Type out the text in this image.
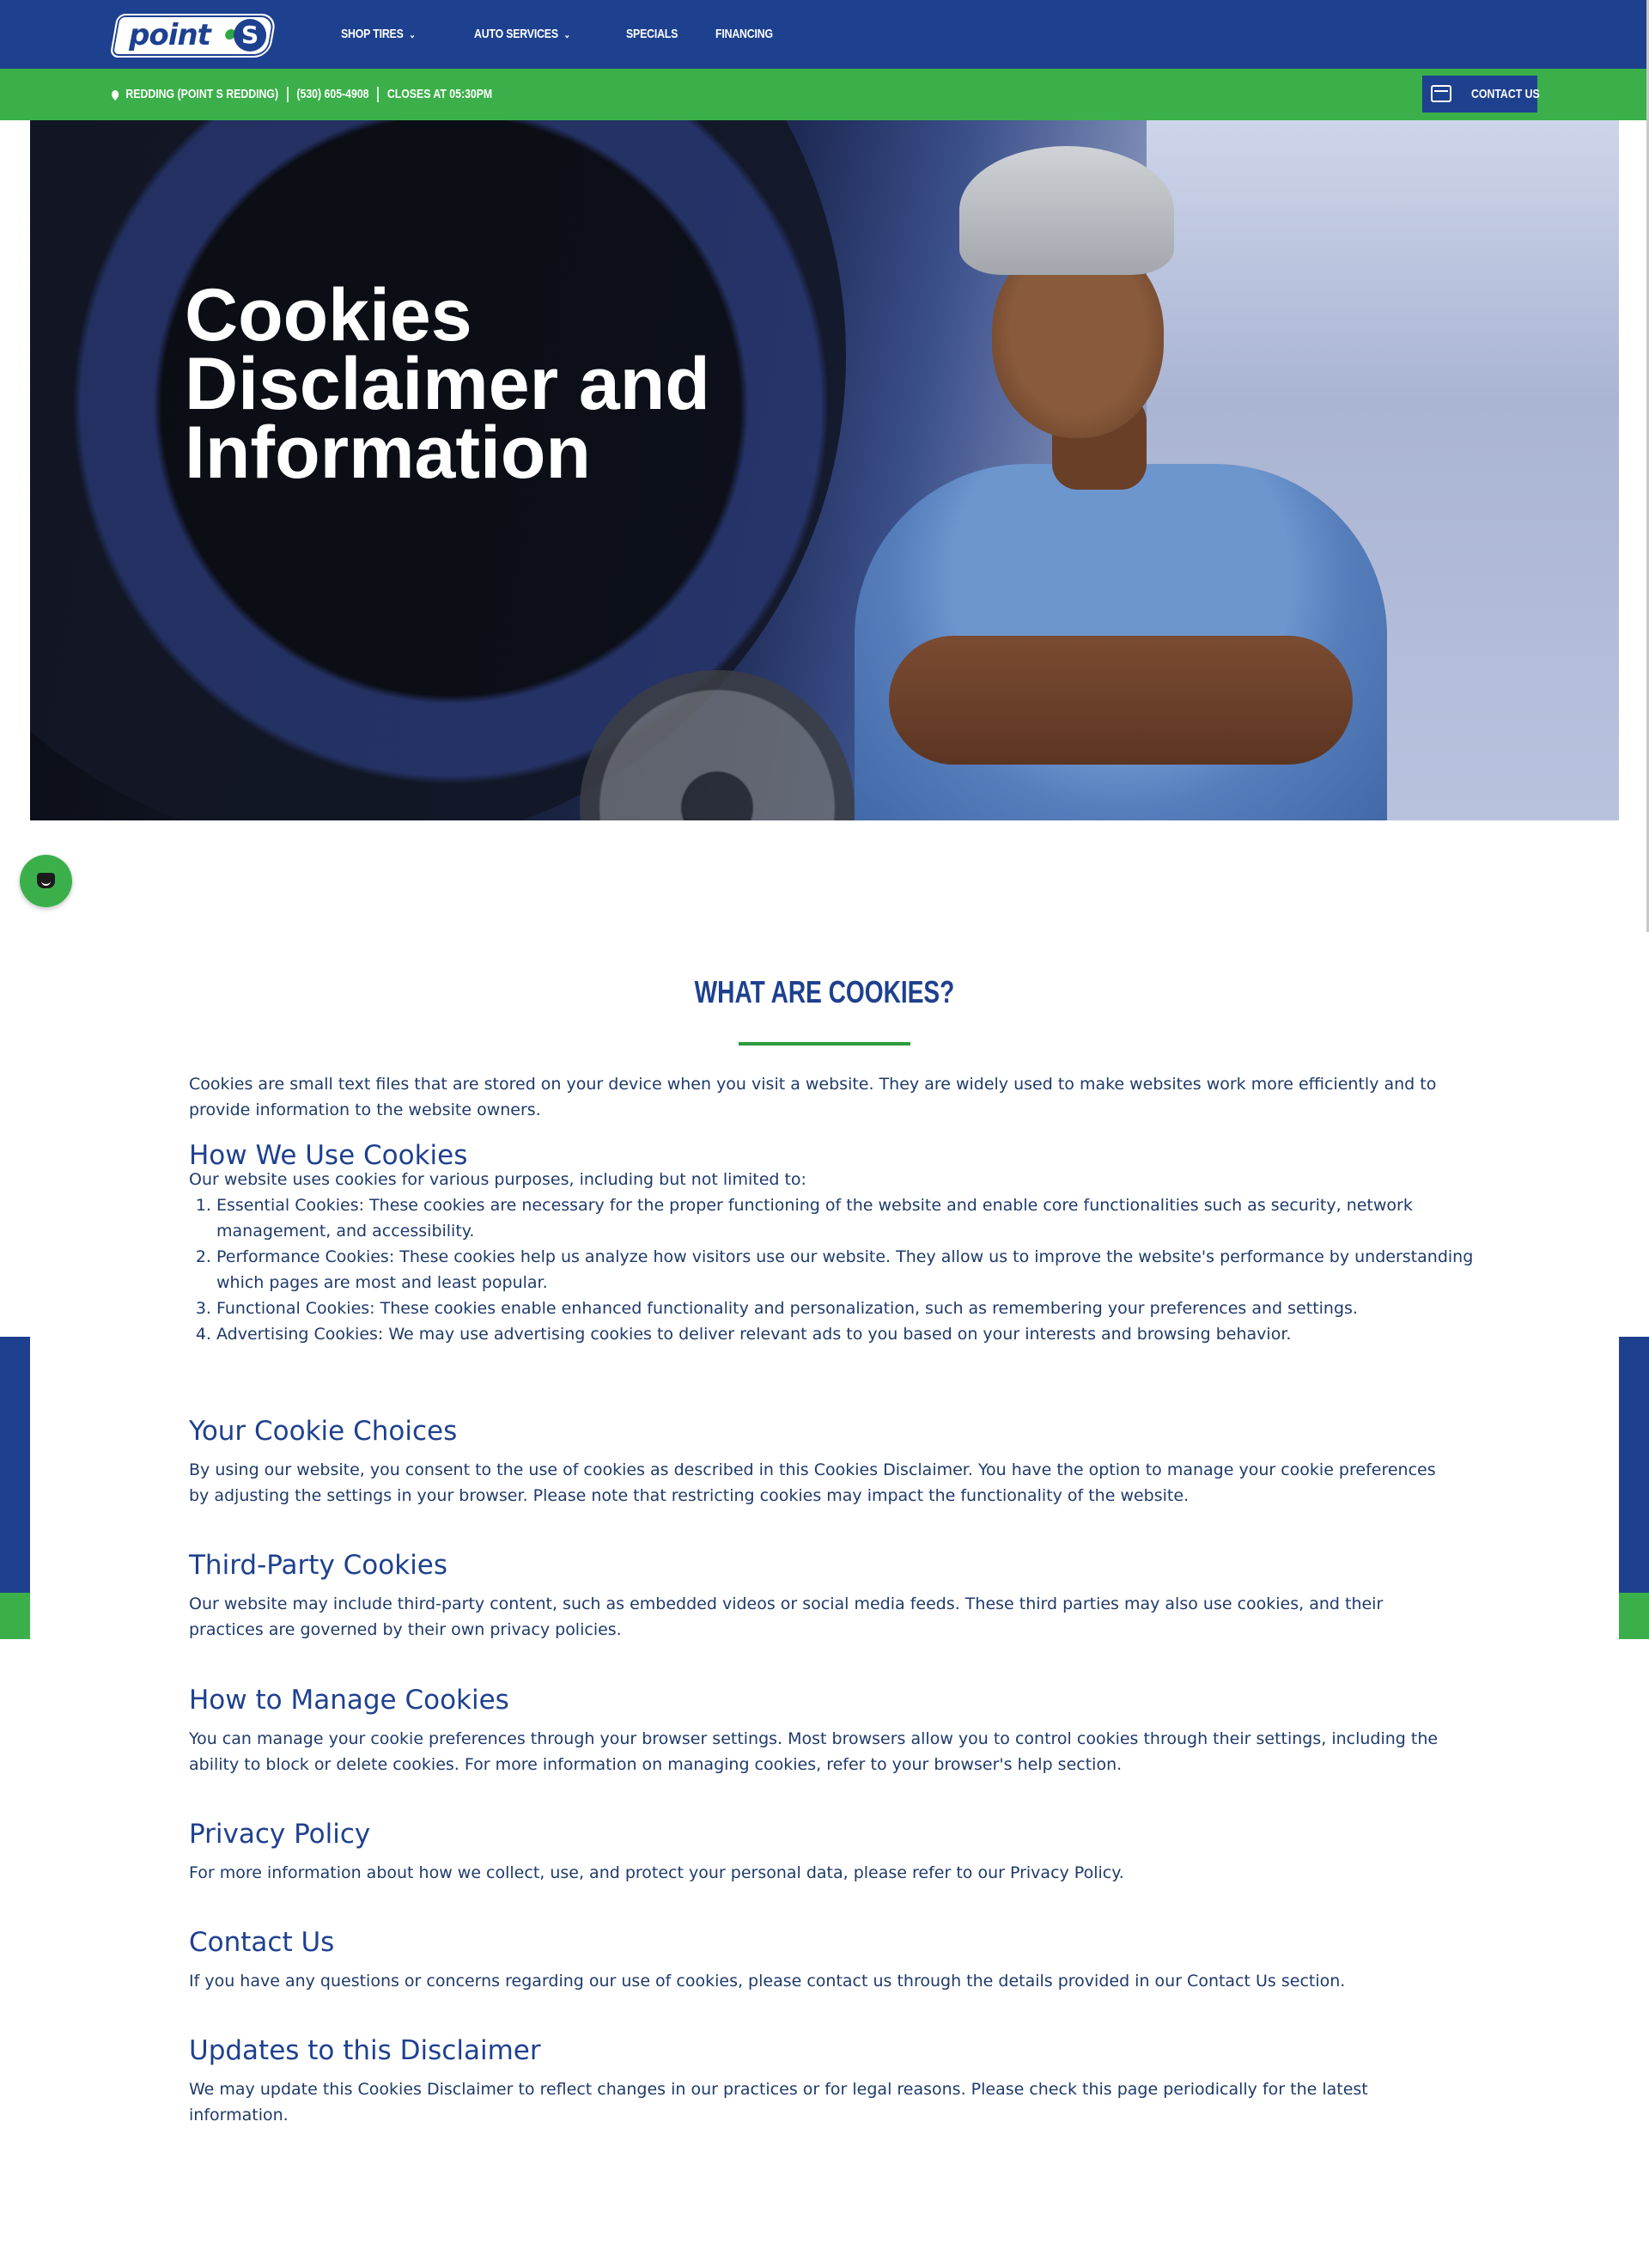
point	S	SHOP TIRES ⌄	AUTO SERVICES ⌄	SPECIALS	FINANCING
REDDING (POINT S REDDING) (530) 605-4908 CLOSES AT 05:30PM	CONTACT US
Cookies Disclaimer and Information
WHAT ARE COOKIES?

Cookies are small text files that are stored on your device when you visit a website. They are widely used to make websites work more efficiently and to provide information to the website owners.

How We Use Cookies

Our website uses cookies for various purposes, including but not limited to:

1. Essential Cookies: These cookies are necessary for the proper functioning of the website and enable core functionalities such as security, network management, and accessibility.
2. Performance Cookies: These cookies help us analyze how visitors use our website. They allow us to improve the website's performance by understanding which pages are most and least popular.
3. Functional Cookies: These cookies enable enhanced functionality and personalization, such as remembering your preferences and settings.
4. Advertising Cookies: We may use advertising cookies to deliver relevant ads to you based on your interests and browsing behavior.
Your Cookie Choices

By using our website, you consent to the use of cookies as described in this Cookies Disclaimer. You have the option to manage your cookie preferences by adjusting the settings in your browser. Please note that restricting cookies may impact the functionality of the website.

Third-Party Cookies

Our website may include third-party content, such as embedded videos or social media feeds. These third parties may also use cookies, and their practices are governed by their own privacy policies.

How to Manage Cookies

You can manage your cookie preferences through your browser settings. Most browsers allow you to control cookies through their settings, including the ability to block or delete cookies. For more information on managing cookies, refer to your browser's help section.

Privacy Policy

For more information about how we collect, use, and protect your personal data, please refer to our Privacy Policy.

Contact Us

If you have any questions or concerns regarding our use of cookies, please contact us through the details provided in our Contact Us section.

Updates to this Disclaimer

We may update this Cookies Disclaimer to reflect changes in our practices or for legal reasons. Please check this page periodically for the latest information.
